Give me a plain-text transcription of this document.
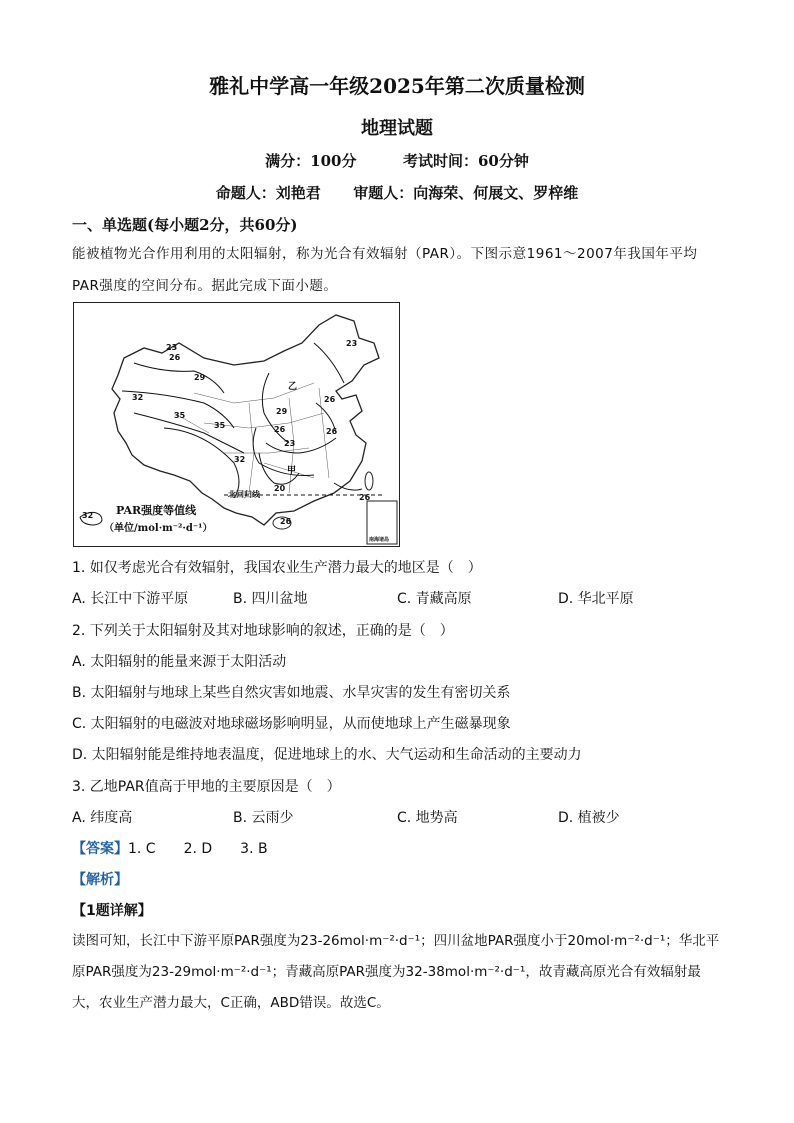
雅礼中学高一年级2025年第二次质量检测
地理试题
满分：100分	考试时间：60分钟
命题人：刘艳君 审题人：向海荣、何展文、罗梓维
一、单选题(每小题2分，共60分)
能被植物光合作用利用的太阳辐射，称为光合有效辐射（PAR）。下图示意1961～2007年我国年平均PAR强度的空间分布。据此完成下面小题。
26
29
32
35
35
29
26
23
26
26
23
20
32
26
26
23
甲
乙
北回归线
南海诸岛
32 PAR强度等值线
（单位/mol·m⁻²·d⁻¹）
1. 如仅考虑光合有效辐射，我国农业生产潜力最大的地区是（　）
A. 长江中下游平原	B. 四川盆地	C. 青藏高原	D. 华北平原
2. 下列关于太阳辐射及其对地球影响的叙述，正确的是（　）
A. 太阳辐射的能量来源于太阳活动
B. 太阳辐射与地球上某些自然灾害如地震、水旱灾害的发生有密切关系
C. 太阳辐射的电磁波对地球磁场影响明显，从而使地球上产生磁暴现象
D. 太阳辐射能是维持地表温度，促进地球上的水、大气运动和生命活动的主要动力
3. 乙地PAR值高于甲地的主要原因是（　）
A. 纬度高	B. 云雨少	C. 地势高	D. 植被少
【答案】1. C　　2. D　　3. B
【解析】
【1题详解】
读图可知，长江中下游平原PAR强度为23-26mol·m⁻²·d⁻¹；四川盆地PAR强度小于20mol·m⁻²·d⁻¹；华北平原PAR强度为23-29mol·m⁻²·d⁻¹；青藏高原PAR强度为32-38mol·m⁻²·d⁻¹，故青藏高原光合有效辐射最大，农业生产潜力最大，C正确，ABD错误。故选C。
